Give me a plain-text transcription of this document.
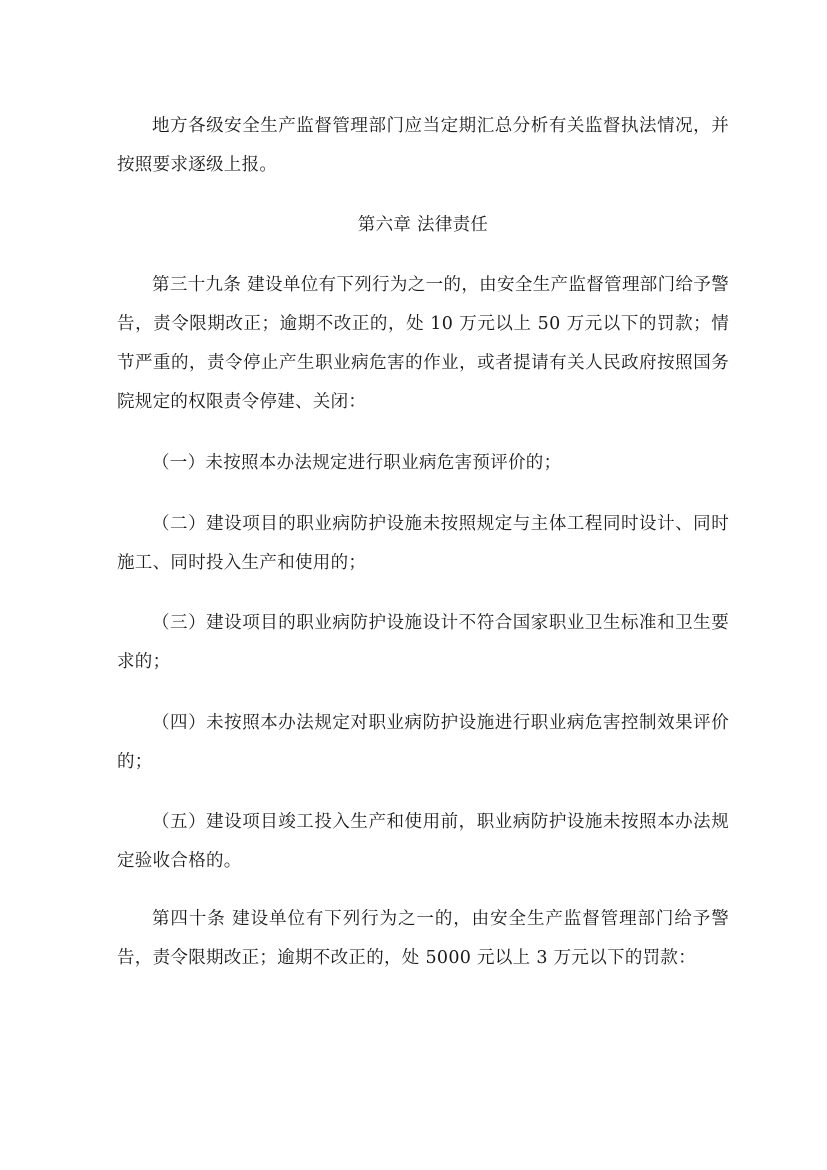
地方各级安全生产监督管理部门应当定期汇总分析有关监督执法情况，并按照要求逐级上报。

第六章 法律责任

第三十九条 建设单位有下列行为之一的，由安全生产监督管理部门给予警告，责令限期改正；逾期不改正的，处 10 万元以上 50 万元以下的罚款；情节严重的，责令停止产生职业病危害的作业，或者提请有关人民政府按照国务院规定的权限责令停建、关闭：

（一）未按照本办法规定进行职业病危害预评价的；

（二）建设项目的职业病防护设施未按照规定与主体工程同时设计、同时施工、同时投入生产和使用的；

（三）建设项目的职业病防护设施设计不符合国家职业卫生标准和卫生要求的；

（四）未按照本办法规定对职业病防护设施进行职业病危害控制效果评价的；

（五）建设项目竣工投入生产和使用前，职业病防护设施未按照本办法规定验收合格的。

第四十条 建设单位有下列行为之一的，由安全生产监督管理部门给予警告，责令限期改正；逾期不改正的，处 5000 元以上 3 万元以下的罚款：
